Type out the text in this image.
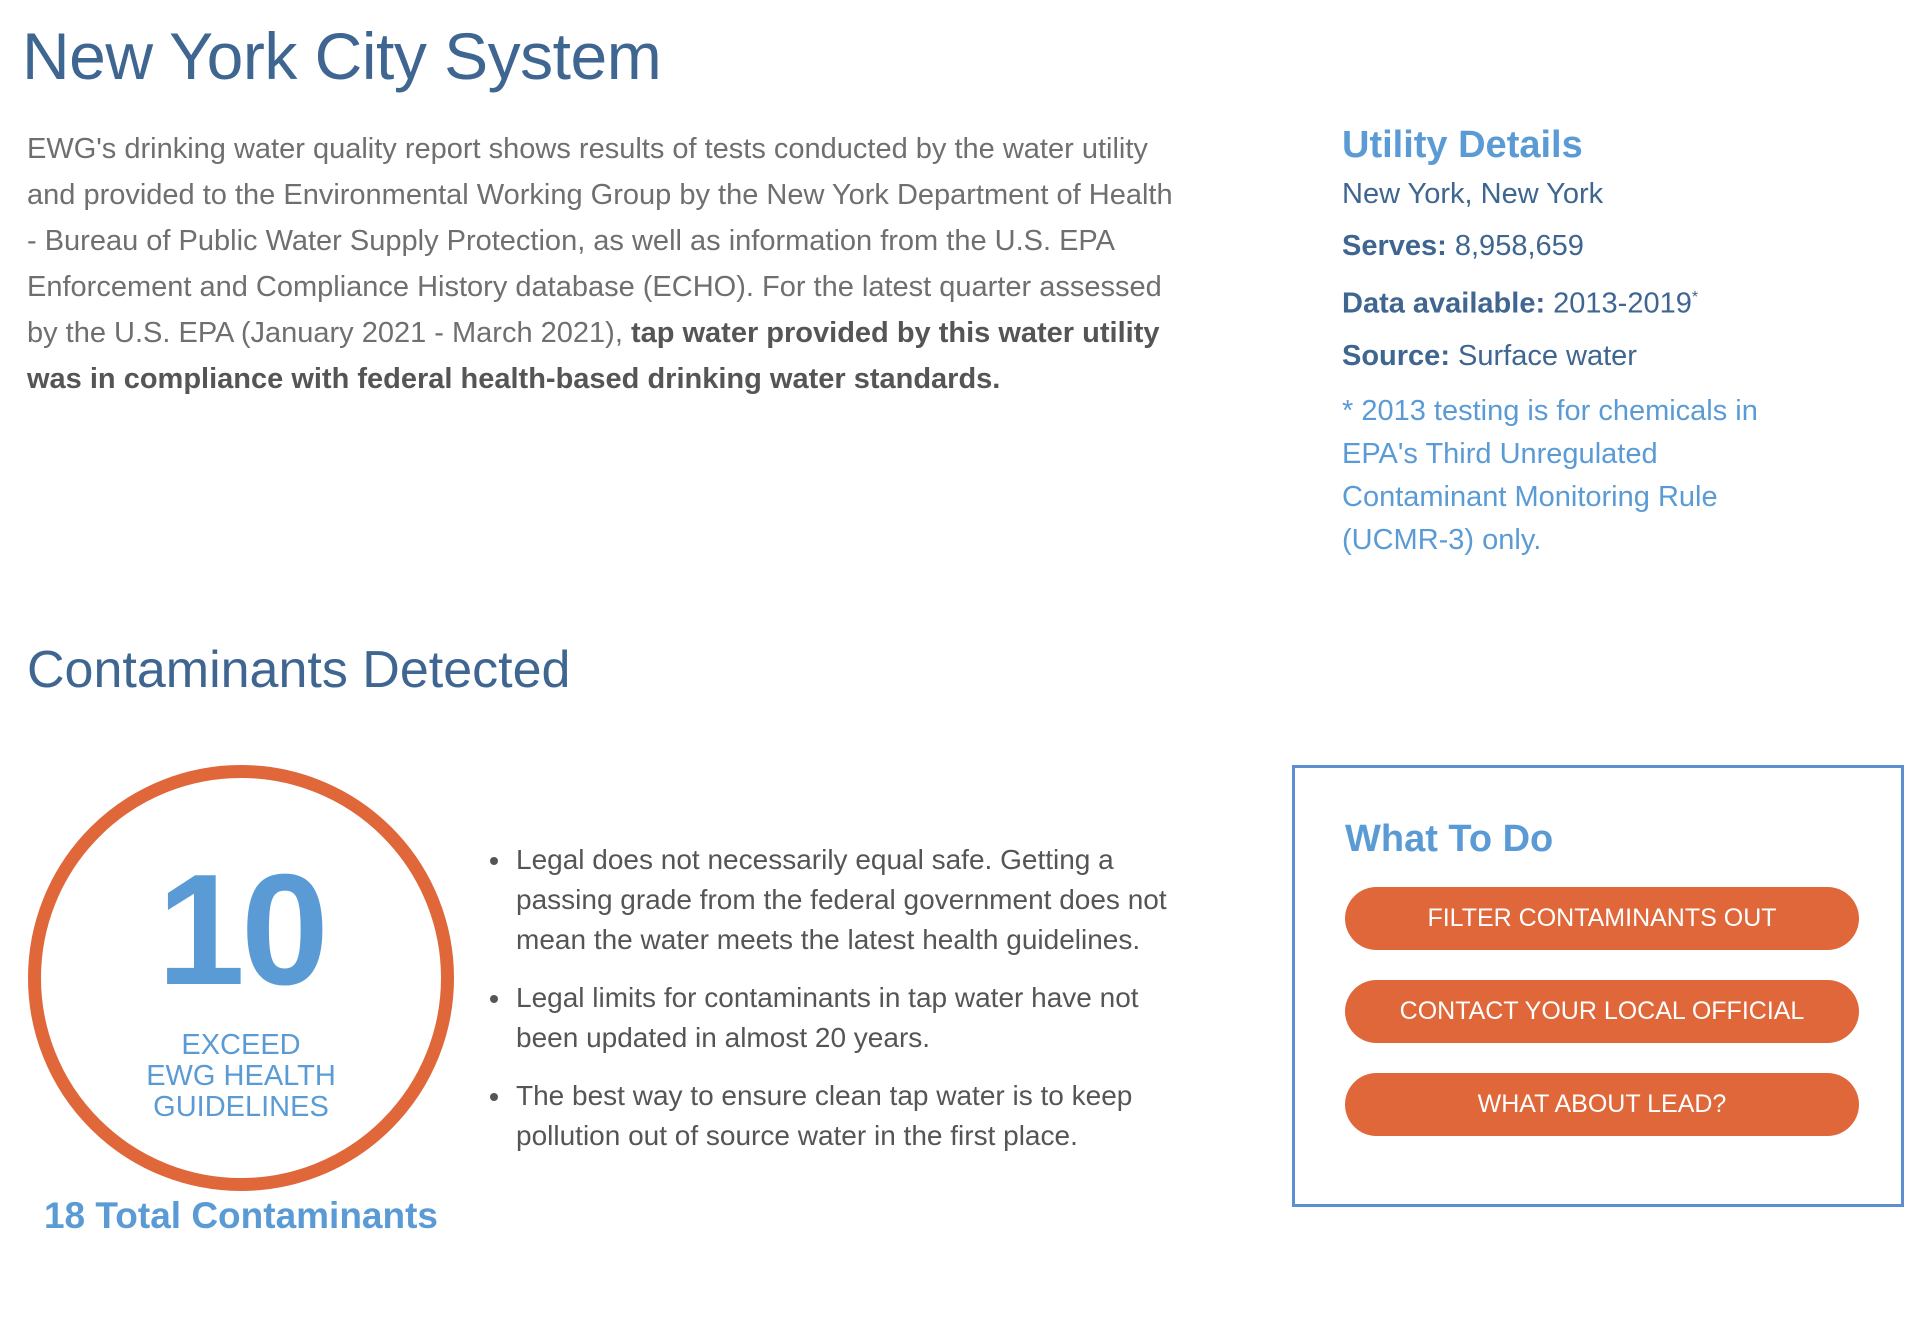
New York City System

EWG's drinking water quality report shows results of tests conducted by the water utility and provided to the Environmental Working Group by the New York Department of Health - Bureau of Public Water Supply Protection, as well as information from the U.S. EPA Enforcement and Compliance History database (ECHO). For the latest quarter assessed by the U.S. EPA (January 2021 - March 2021), tap water provided by this water utility was in compliance with federal health-based drinking water standards.

Utility Details
New York, New York
Serves: 8,958,659
Data available: 2013-2019*
Source: Surface water
* 2013 testing is for chemicals in EPA's Third Unregulated Contaminant Monitoring Rule (UCMR-3) only.
Contaminants Detected
10
EXCEED
EWG HEALTH
GUIDELINES
18 Total Contaminants
Legal does not necessarily equal safe. Getting a passing grade from the federal government does not mean the water meets the latest health guidelines.
Legal limits for contaminants in tap water have not been updated in almost 20 years.
The best way to ensure clean tap water is to keep pollution out of source water in the first place.
What To Do
FILTER CONTAMINANTS OUT
CONTACT YOUR LOCAL OFFICIAL
WHAT ABOUT LEAD?
